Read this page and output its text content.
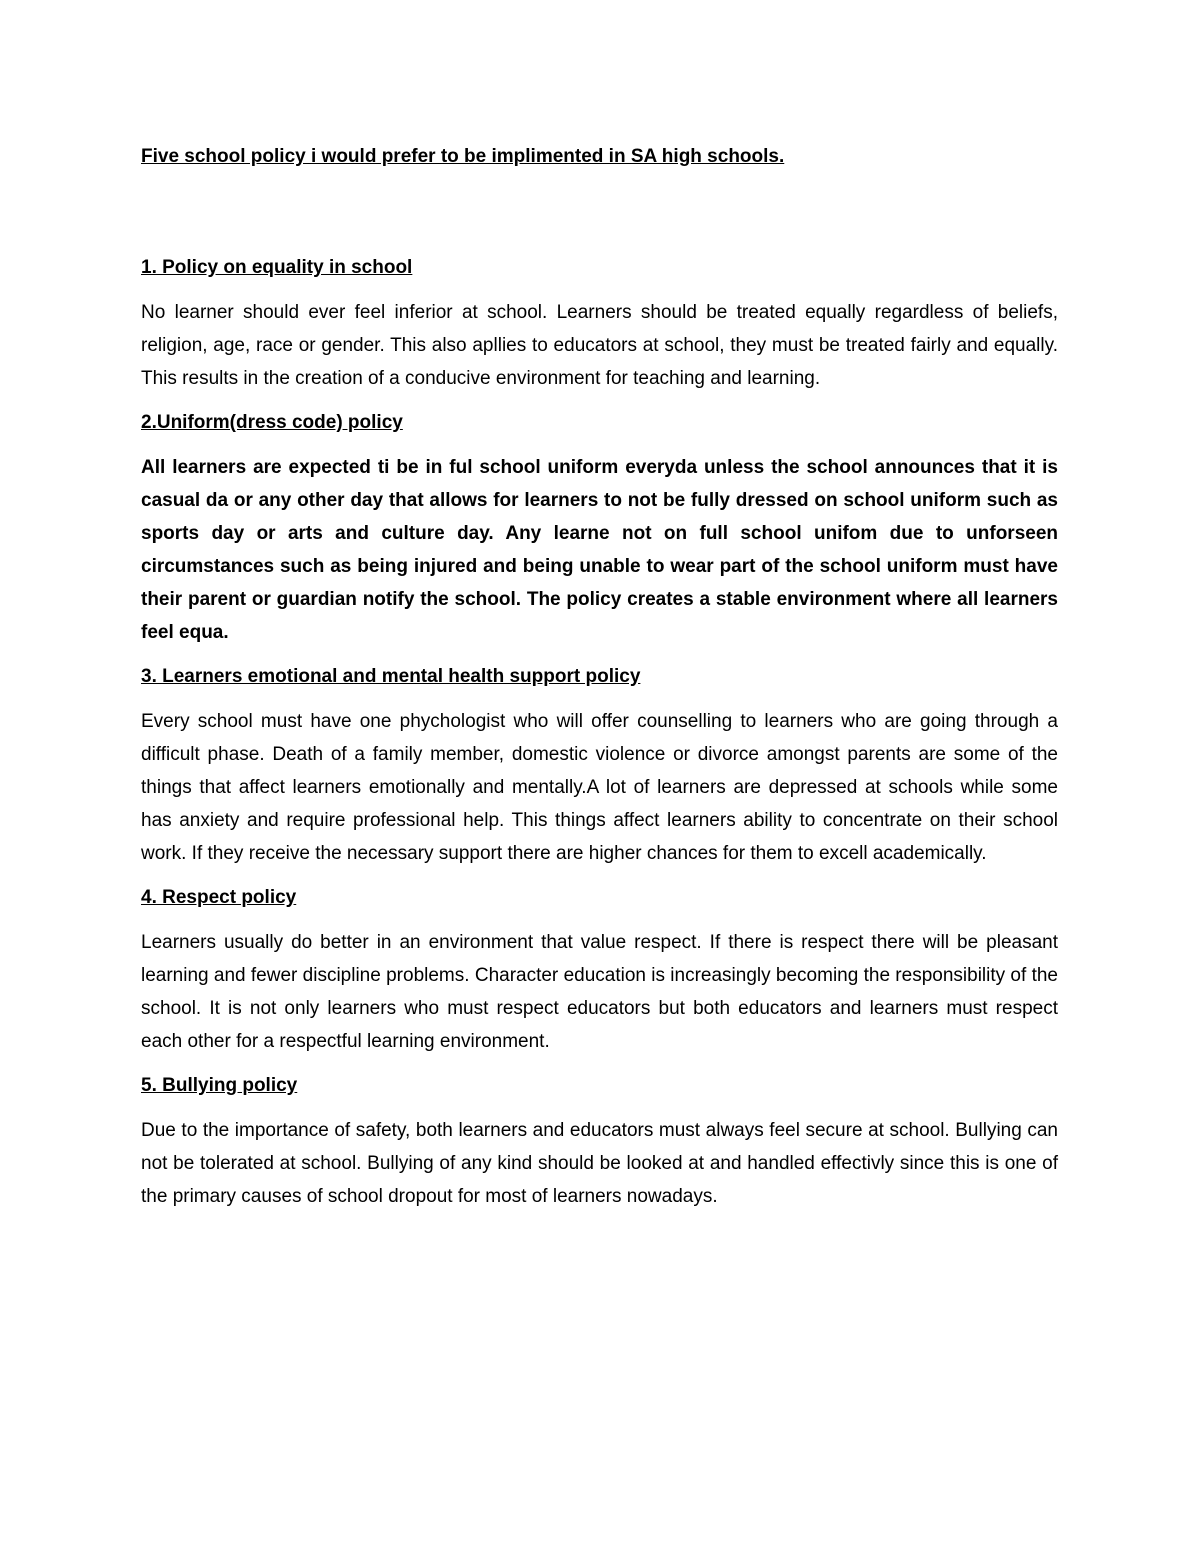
Five school policy i would prefer to be implimented in SA high schools.

1. Policy on equality in school

No learner should ever feel inferior at school. Learners should be treated equally regardless of beliefs, religion, age, race or gender. This also apllies to educators at school, they must be treated fairly and equally. This results in the creation of a conducive environment for teaching and learning.

2.Uniform(dress code) policy

All learners are expected ti be in ful school uniform everyda unless the school announces that it is casual da or any other day that allows for learners to not be fully dressed on school uniform such as sports day or arts and culture day. Any learne not on full school unifom due to unforseen circumstances such as being injured and being unable to wear part of the school uniform must have their parent or guardian notify the school. The policy creates a stable environment where all learners feel equa.

3. Learners emotional and mental health support policy

Every school must have one phychologist who will offer counselling to learners who are going through a difficult phase. Death of a family member, domestic violence or divorce amongst parents are some of the things that affect learners emotionally and mentally.A lot of learners are depressed at schools while some has anxiety and require professional help. This things affect learners ability to concentrate on their school work. If they receive the necessary support there are higher chances for them to excell academically.

4. Respect policy

Learners usually do better in an environment that value respect. If there is respect there will be pleasant learning and fewer discipline problems. Character education is increasingly becoming the responsibility of the school. It is not only learners who must respect educators but both educators and learners must respect each other for a respectful learning environment.

5. Bullying policy

Due to the importance of safety, both learners and educators must always feel secure at school. Bullying can not be tolerated at school. Bullying of any kind should be looked at and handled effectivly since this is one of the primary causes of school dropout for most of learners nowadays.
